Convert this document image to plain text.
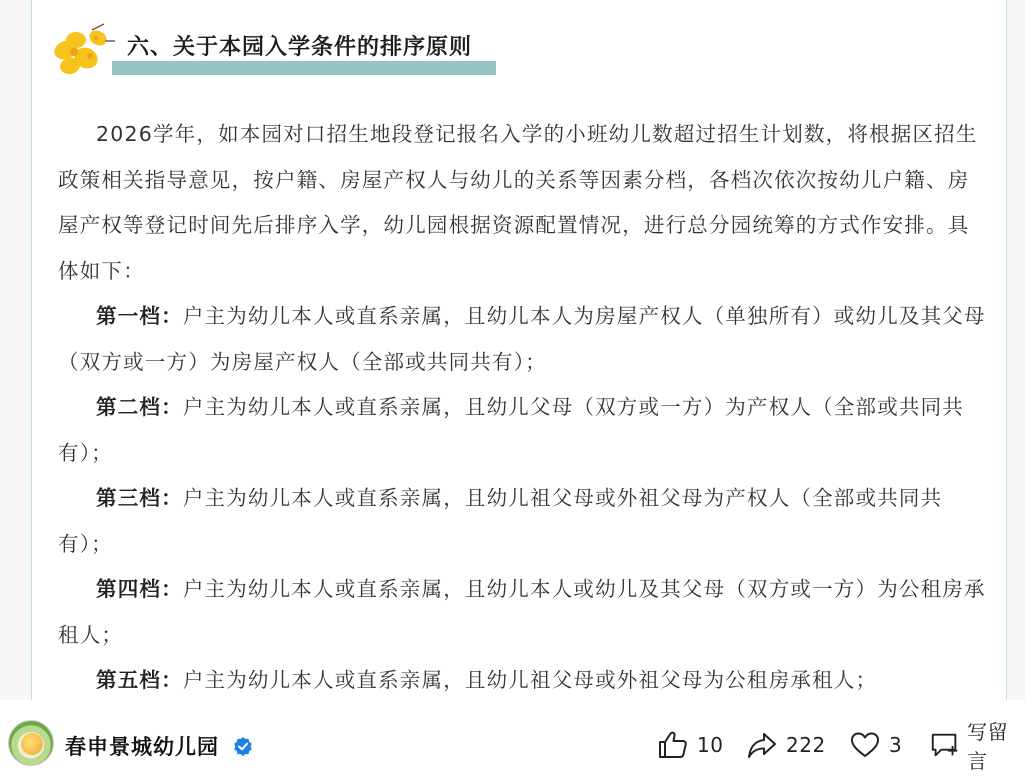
六、关于本园入学条件的排序原则

2026学年，如本园对口招生地段登记报名入学的小班幼儿数超过招生计划数，将根据区招生政策相关指导意见，按户籍、房屋产权人与幼儿的关系等因素分档，各档次依次按幼儿户籍、房屋产权等登记时间先后排序入学，幼儿园根据资源配置情况，进行总分园统筹的方式作安排。具体如下：

第一档：户主为幼儿本人或直系亲属，且幼儿本人为房屋产权人（单独所有）或幼儿及其父母（双方或一方）为房屋产权人（全部或共同共有）；

第二档：户主为幼儿本人或直系亲属，且幼儿父母（双方或一方）为产权人（全部或共同共有）；

第三档：户主为幼儿本人或直系亲属，且幼儿祖父母或外祖父母为产权人（全部或共同共有）；

第四档：户主为幼儿本人或直系亲属，且幼儿本人或幼儿及其父母（双方或一方）为公租房承租人；

第五档：户主为幼儿本人或直系亲属，且幼儿祖父母或外祖父母为公租房承租人；

春申景城幼儿园	10	222	3
写留言
